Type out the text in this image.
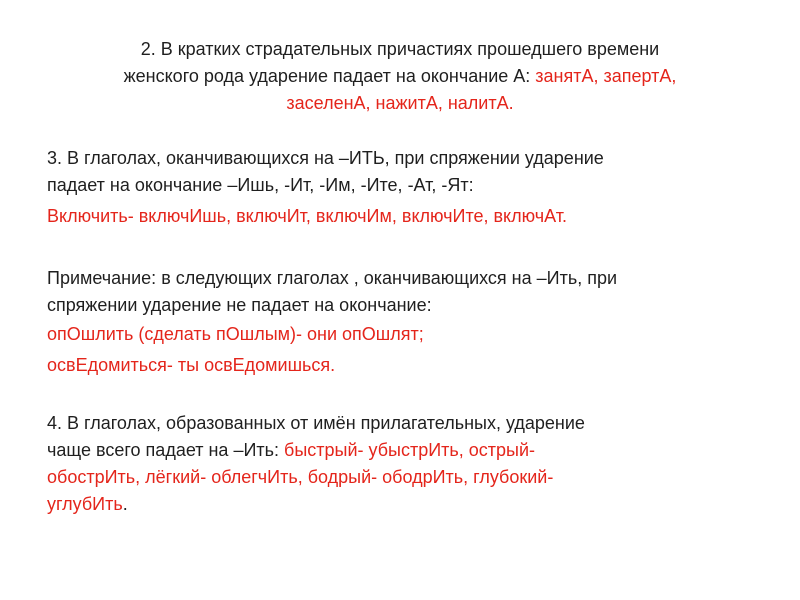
2. В кратких страдательных причастиях прошедшего времени
женского рода ударение падает на окончание А: занятА, запертА,
заселенА, нажитА, налитА.
3. В глаголах, оканчивающихся на –ИТЬ, при спряжении ударение
падает на окончание –Ишь, -Ит, -Им, -Ите, -Ат, -Ят:
Включить- включИшь, включИт, включИм, включИте, включАт.
Примечание: в следующих глаголах , оканчивающихся на –Ить, при
спряжении ударение не падает на окончание:
опОшлить (сделать пОшлым)- они опОшлят;
освЕдомиться- ты освЕдомишься.
4. В глаголах, образованных от имён прилагательных, ударение
чаще всего падает на –Ить: быстрый- убыстрИть, острый-
обострИть, лёгкий- облегчИть, бодрый- ободрИть, глубокий-
углубИть.
